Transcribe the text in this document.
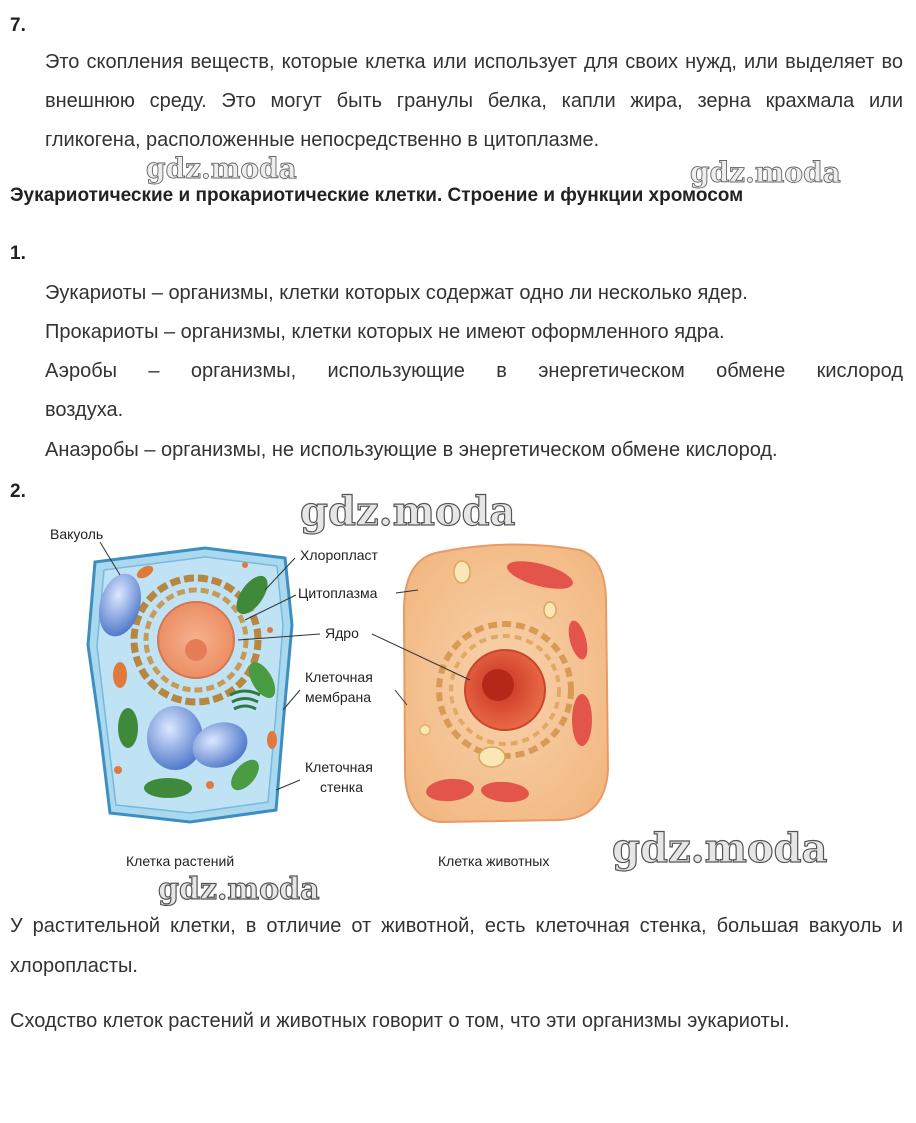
7.
Это скопления веществ, которые клетка или использует для своих нужд, или выделяет во внешнюю среду. Это могут быть гранулы белка, капли жира, зерна крахмала или гликогена, расположенные непосредственно в цитоплазме.
gdz.moda	gdz.moda
Эукариотические и прокариотические клетки. Строение и функции хромосом
1.
Эукариоты – организмы, клетки которых содержат одно ли несколько ядер.
Прокариоты – организмы, клетки которых не имеют оформленного ядра.
Аэробы – организмы, использующие в энергетическом обмене кислород
воздуха.
Анаэробы – организмы, не использующие в энергетическом обмене кислород.
2.
Вакуоль
Хлоропласт
Цитоплазма
Ядро
Клеточная
мембрана
Клеточная
стенка
Клетка растений	Клетка животных
gdz.moda
gdz.moda
gdz.moda
У растительной клетки, в отличие от животной, есть клеточная стенка, большая вакуоль и хлоропласты.
Сходство клеток растений и животных говорит о том, что эти организмы эукариоты.
